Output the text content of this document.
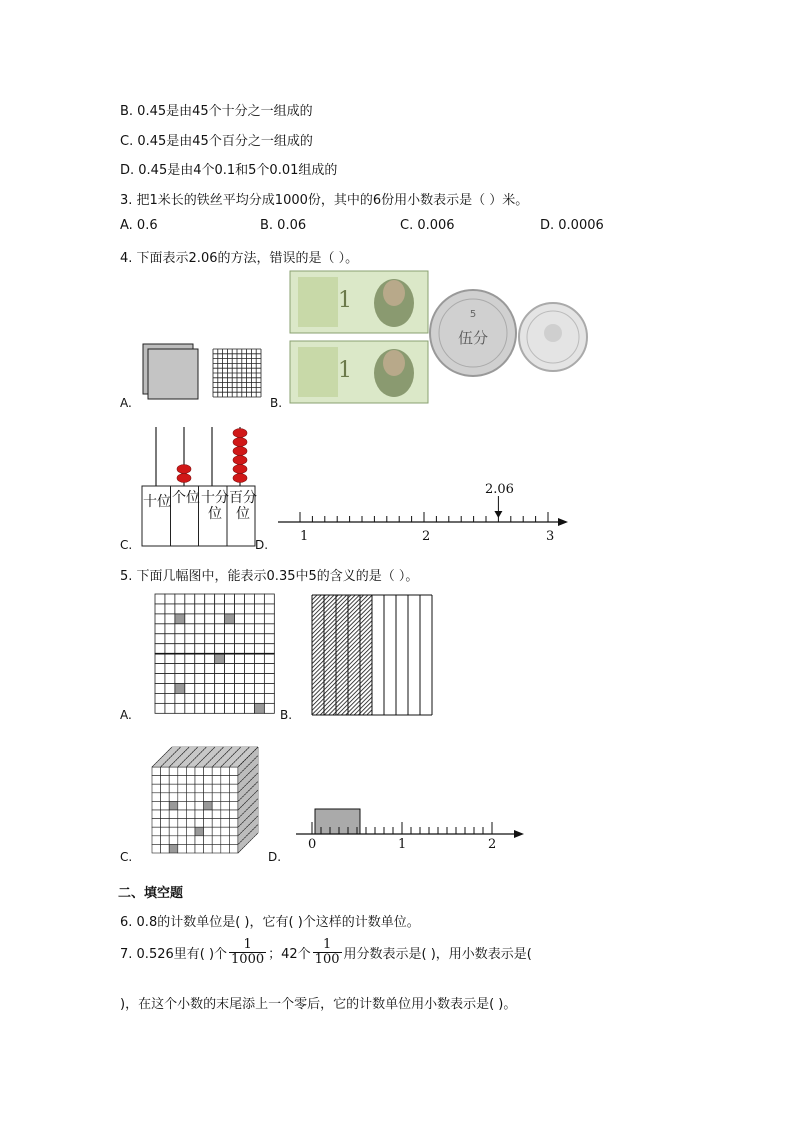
B. 0.45是由45个十分之一组成的
C. 0.45是由45个百分之一组成的
D. 0.45是由4个0.1和5个0.01组成的
3. 把1米长的铁丝平均分成1000份，其中的6份用小数表示是（ ）米。
A. 0.6	B. 0.06	C. 0.006	D. 0.0006
4. 下面表示2.06的方法，错误的是（ ）。
A.	B.
1
1
5
伍分
十位 个位 十分位
百分位
C.	D.
1	2	3
2.06
5. 下面几幅图中，能表示0.35中5的含义的是（ ）。
A.	B.
C.	D.
0	1	2
二、填空题
6. 0.8的计数单位是( )，它有( )个这样的计数单位。
7. 0.526里有( )个 $\frac{1}{1000}$ ；42个 $\frac{1}{100}$ 用分数表示是( )，用小数表示是(
)，在这个小数的末尾添上一个零后，它的计数单位用小数表示是( )。
